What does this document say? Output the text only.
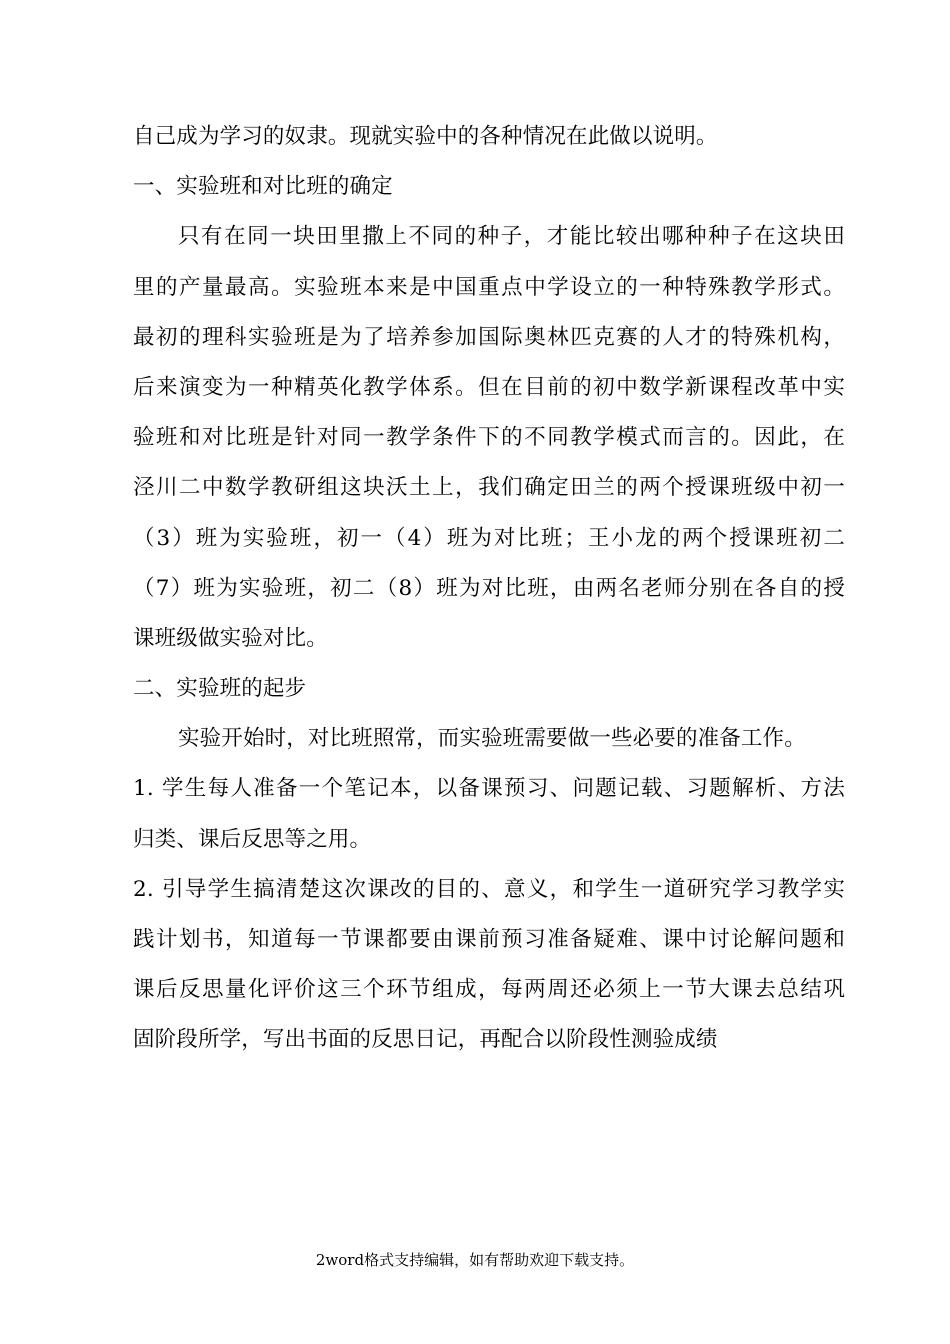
自己成为学习的奴隶。现就实验中的各种情况在此做以说明。
一、实验班和对比班的确定
只有在同一块田里撒上不同的种子，才能比较出哪种种子在这块田
里的产量最高。实验班本来是中国重点中学设立的一种特殊教学形式。
最初的理科实验班是为了培养参加国际奥林匹克赛的人才的特殊机构，
后来演变为一种精英化教学体系。但在目前的初中数学新课程改革中实
验班和对比班是针对同一教学条件下的不同教学模式而言的。因此，在
泾川二中数学教研组这块沃土上，我们确定田兰的两个授课班级中初一
（3）班为实验班，初一（4）班为对比班；王小龙的两个授课班初二
（7）班为实验班，初二（8）班为对比班，由两名老师分别在各自的授
课班级做实验对比。
二、实验班的起步
实验开始时，对比班照常，而实验班需要做一些必要的准备工作。
1. 学生每人准备一个笔记本，以备课预习、问题记载、习题解析、方法
归类、课后反思等之用。
2. 引导学生搞清楚这次课改的目的、意义，和学生一道研究学习教学实
践计划书，知道每一节课都要由课前预习准备疑难、课中讨论解问题和
课后反思量化评价这三个环节组成，每两周还必须上一节大课去总结巩
固阶段所学，写出书面的反思日记，再配合以阶段性测验成绩
2word格式支持编辑，如有帮助欢迎下载支持。
